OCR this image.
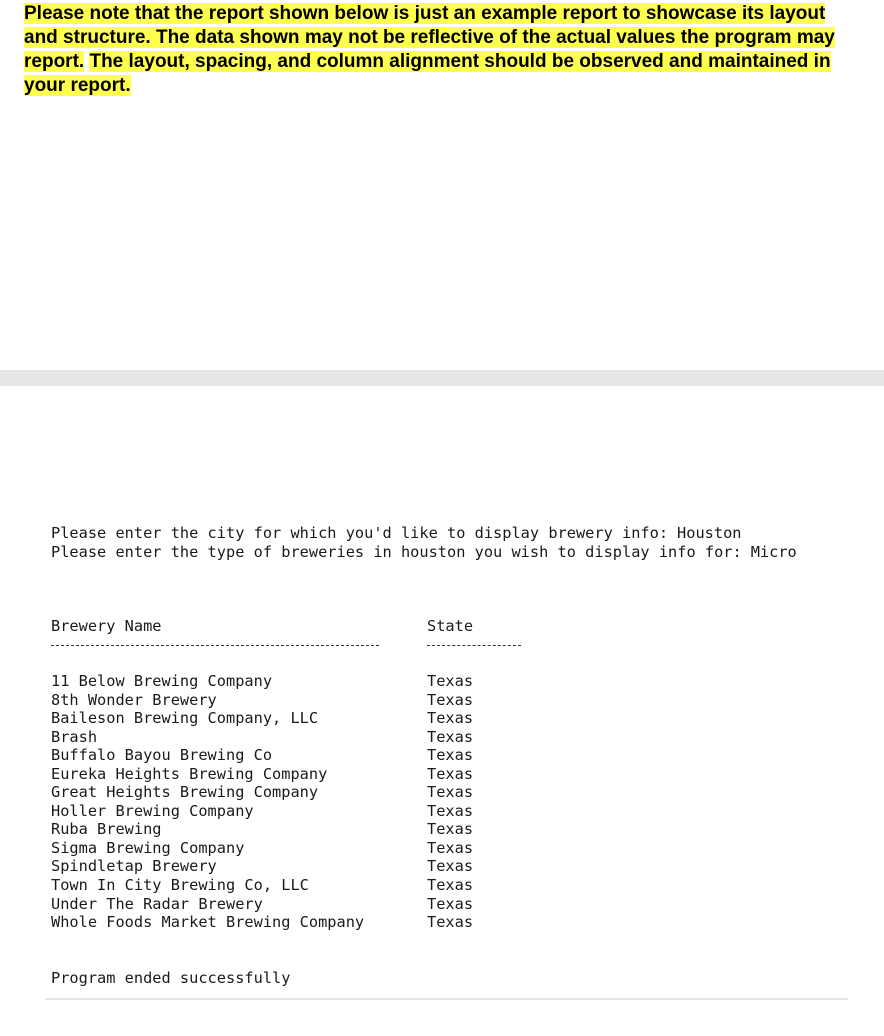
Please note that the report shown below is just an example report to showcase its layout and structure. The data shown may not be reflective of the actual values the program may report. The layout, spacing, and column alignment should be observed and maintained in your report.
Please enter the city for which you'd like to display brewery info: Houston
Please enter the type of breweries in houston you wish to display info for: Micro
Brewery Name	State
11 Below Brewing Company	Texas
8th Wonder Brewery	Texas
Baileson Brewing Company, LLC	Texas
Brash	Texas
Buffalo Bayou Brewing Co	Texas
Eureka Heights Brewing Company	Texas
Great Heights Brewing Company	Texas
Holler Brewing Company	Texas
Ruba Brewing	Texas
Sigma Brewing Company	Texas
Spindletap Brewery	Texas
Town In City Brewing Co, LLC	Texas
Under The Radar Brewery	Texas
Whole Foods Market Brewing Company	Texas
Program ended successfully
